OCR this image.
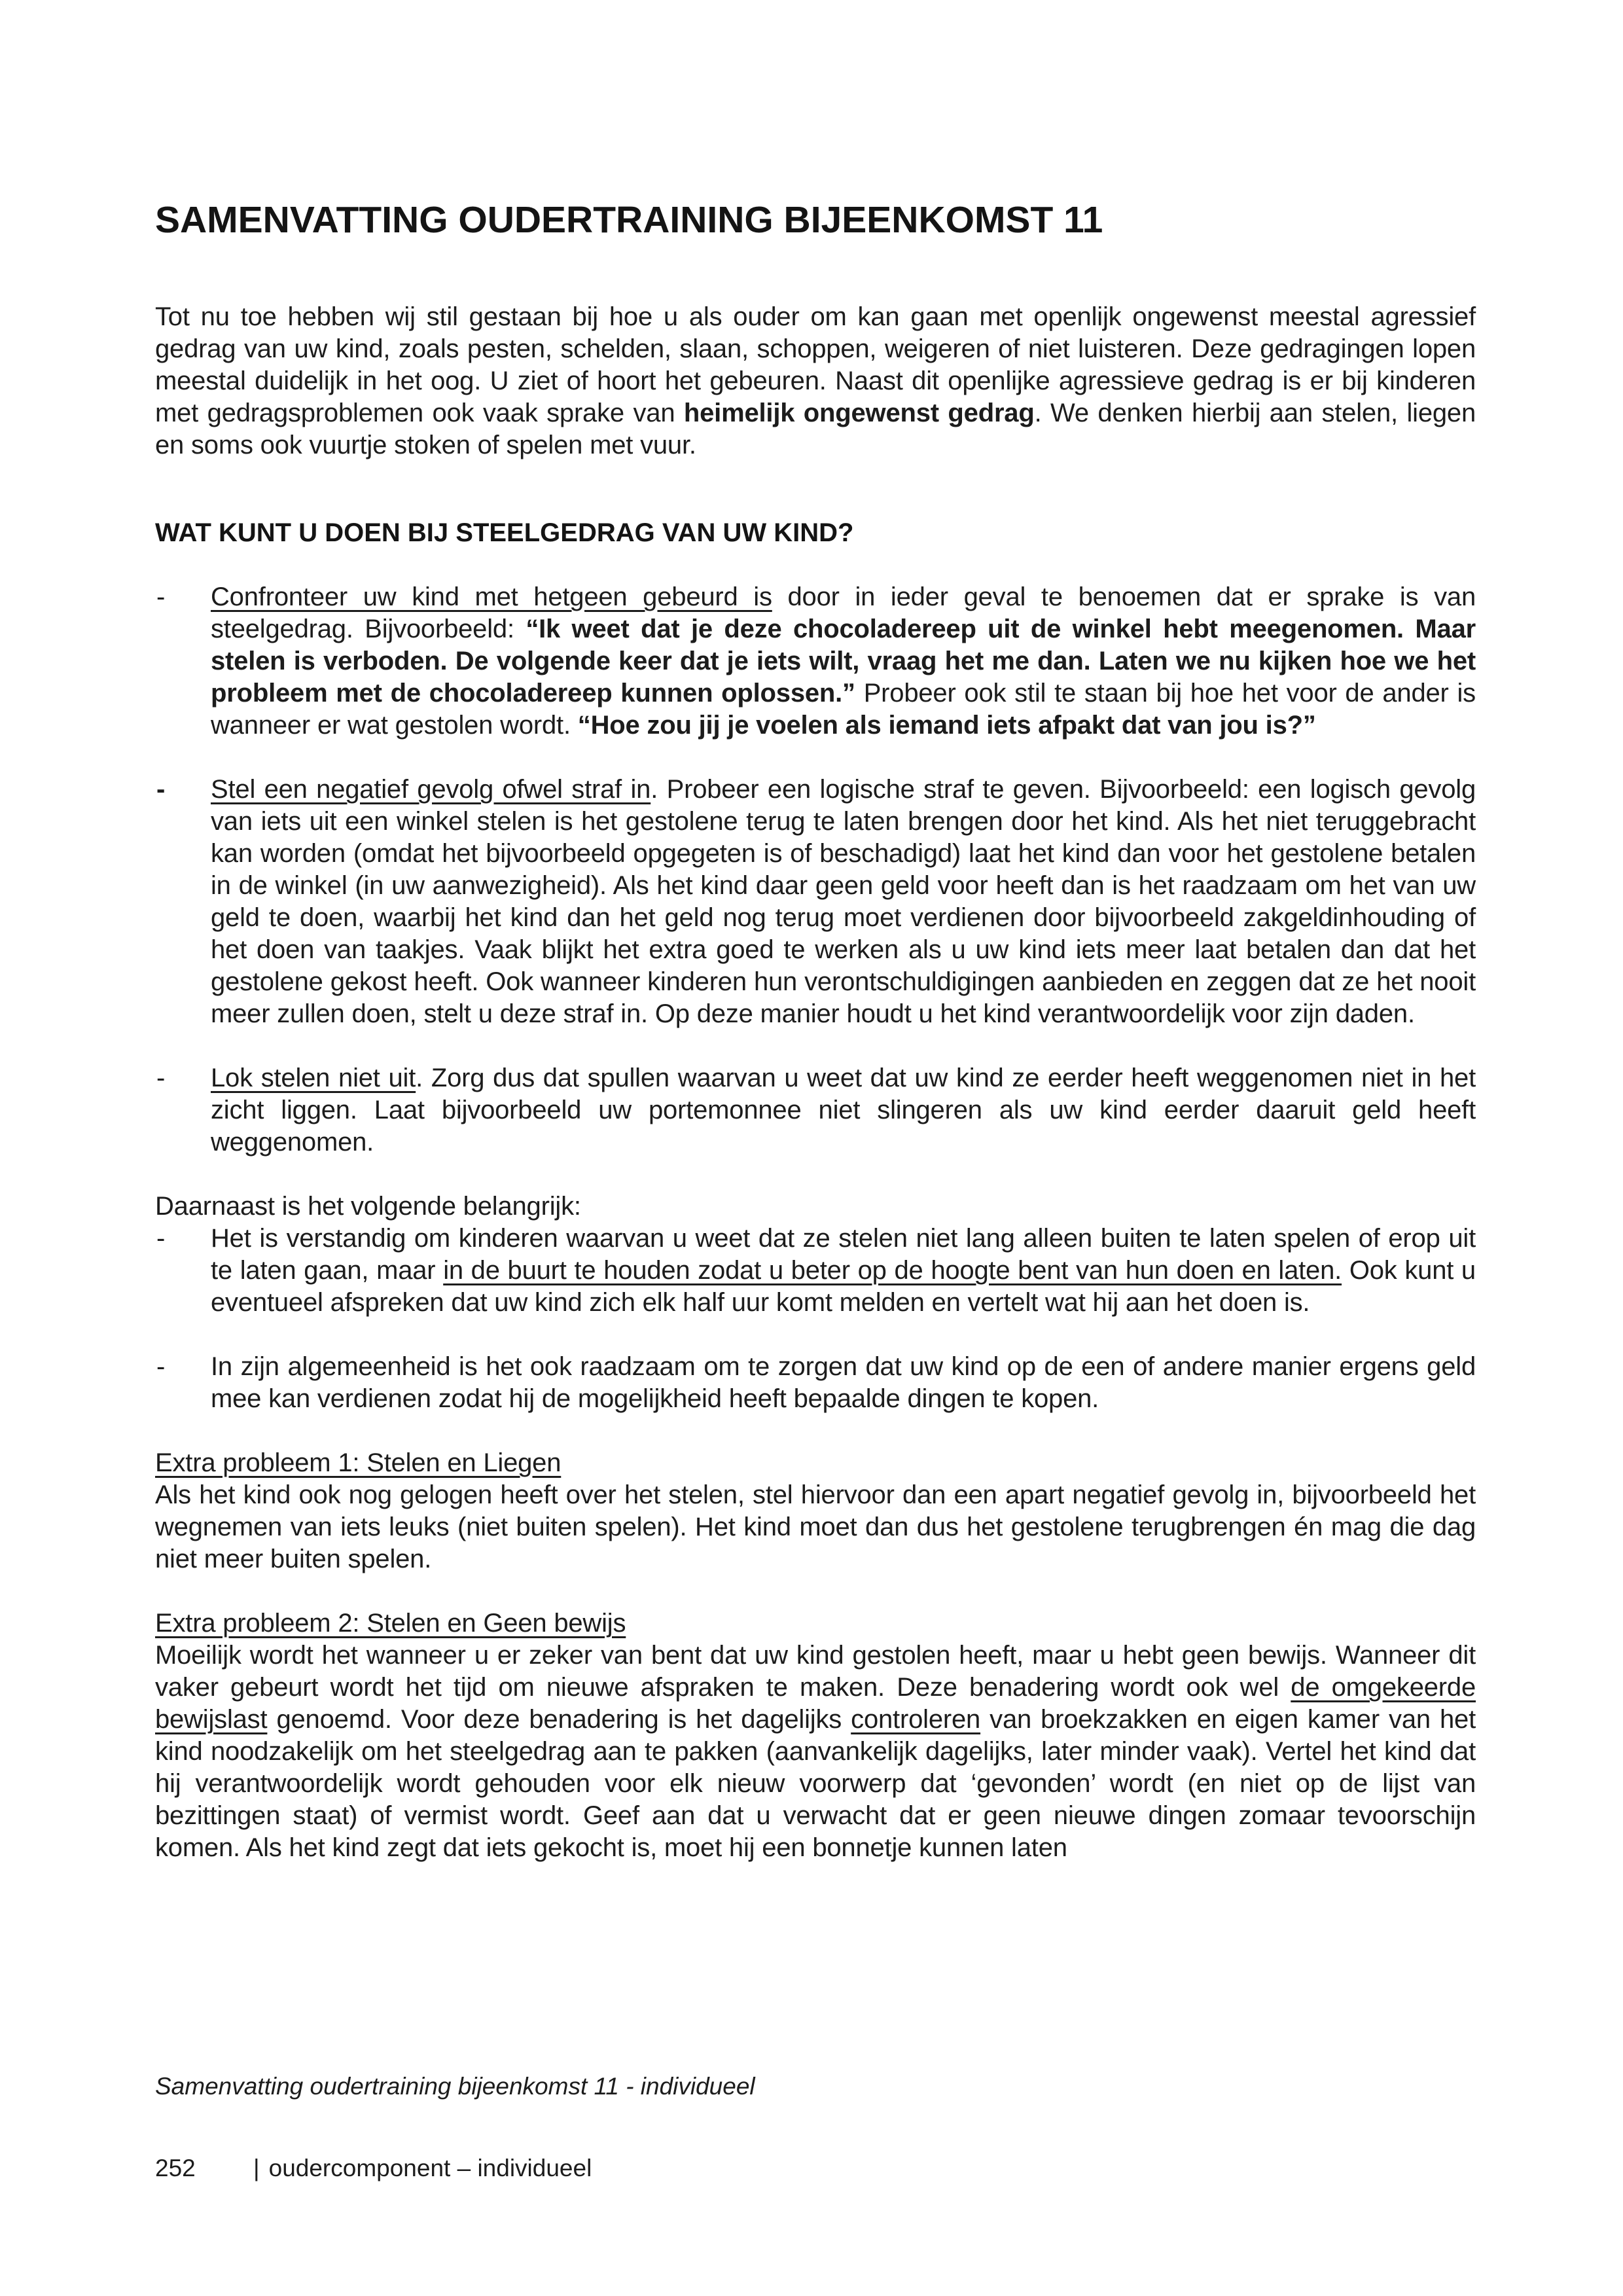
SAMENVATTING OUDERTRAINING BIJEENKOMST 11

Tot nu toe hebben wij stil gestaan bij hoe u als ouder om kan gaan met openlijk ongewenst meestal agressief gedrag van uw kind, zoals pesten, schelden, slaan, schoppen, weigeren of niet luisteren. Deze gedragingen lopen meestal duidelijk in het oog. U ziet of hoort het gebeuren. Naast dit openlijke agressieve gedrag is er bij kinderen met gedragsproblemen ook vaak sprake van heimelijk ongewenst gedrag. We denken hierbij aan stelen, liegen en soms ook vuurtje stoken of spelen met vuur.

WAT KUNT U DOEN BIJ STEELGEDRAG VAN UW KIND?
- Confronteer uw kind met hetgeen gebeurd is door in ieder geval te benoemen dat er sprake is van steelgedrag. Bijvoorbeeld: “Ik weet dat je deze chocoladereep uit de winkel hebt meegenomen. Maar stelen is verboden. De volgende keer dat je iets wilt, vraag het me dan. Laten we nu kijken hoe we het probleem met de chocoladereep kunnen oplossen.” Probeer ook stil te staan bij hoe het voor de ander is wanneer er wat gestolen wordt. “Hoe zou jij je voelen als iemand iets afpakt dat van jou is?”

- Stel een negatief gevolg ofwel straf in. Probeer een logische straf te geven. Bijvoorbeeld: een logisch gevolg van iets uit een winkel stelen is het gestolene terug te laten brengen door het kind. Als het niet teruggebracht kan worden (omdat het bijvoorbeeld opgegeten is of beschadigd) laat het kind dan voor het gestolene betalen in de winkel (in uw aanwezigheid). Als het kind daar geen geld voor heeft dan is het raadzaam om het van uw geld te doen, waarbij het kind dan het geld nog terug moet verdienen door bijvoorbeeld zakgeldinhouding of het doen van taakjes. Vaak blijkt het extra goed te werken als u uw kind iets meer laat betalen dan dat het gestolene gekost heeft. Ook wanneer kinderen hun verontschuldigingen aanbieden en zeggen dat ze het nooit meer zullen doen, stelt u deze straf in. Op deze manier houdt u het kind verantwoordelijk voor zijn daden.

- Lok stelen niet uit. Zorg dus dat spullen waarvan u weet dat uw kind ze eerder heeft weggenomen niet in het zicht liggen. Laat bijvoorbeeld uw portemonnee niet slingeren als uw kind eerder daaruit geld heeft weggenomen.

Daarnaast is het volgende belangrijk:

- Het is verstandig om kinderen waarvan u weet dat ze stelen niet lang alleen buiten te laten spelen of erop uit te laten gaan, maar in de buurt te houden zodat u beter op de hoogte bent van hun doen en laten. Ook kunt u eventueel afspreken dat uw kind zich elk half uur komt melden en vertelt wat hij aan het doen is.

- In zijn algemeenheid is het ook raadzaam om te zorgen dat uw kind op de een of andere manier ergens geld mee kan verdienen zodat hij de mogelijkheid heeft bepaalde dingen te kopen.

Extra probleem 1: Stelen en Liegen

Als het kind ook nog gelogen heeft over het stelen, stel hiervoor dan een apart negatief gevolg in, bijvoorbeeld het wegnemen van iets leuks (niet buiten spelen). Het kind moet dan dus het gestolene terugbrengen én mag die dag niet meer buiten spelen.

Extra probleem 2: Stelen en Geen bewijs

Moeilijk wordt het wanneer u er zeker van bent dat uw kind gestolen heeft, maar u hebt geen bewijs. Wanneer dit vaker gebeurt wordt het tijd om nieuwe afspraken te maken. Deze benadering wordt ook wel de omgekeerde bewijslast genoemd. Voor deze benadering is het dagelijks controleren van broekzakken en eigen kamer van het kind noodzakelijk om het steelgedrag aan te pakken (aanvankelijk dagelijks, later minder vaak). Vertel het kind dat hij verantwoordelijk wordt gehouden voor elk nieuw voorwerp dat ‘gevonden’ wordt (en niet op de lijst van bezittingen staat) of vermist wordt. Geef aan dat u verwacht dat er geen nieuwe dingen zomaar tevoorschijn komen. Als het kind zegt dat iets gekocht is, moet hij een bonnetje kunnen laten

Samenvatting oudertraining bijeenkomst 11 - individueel
252	| oudercomponent – individueel
